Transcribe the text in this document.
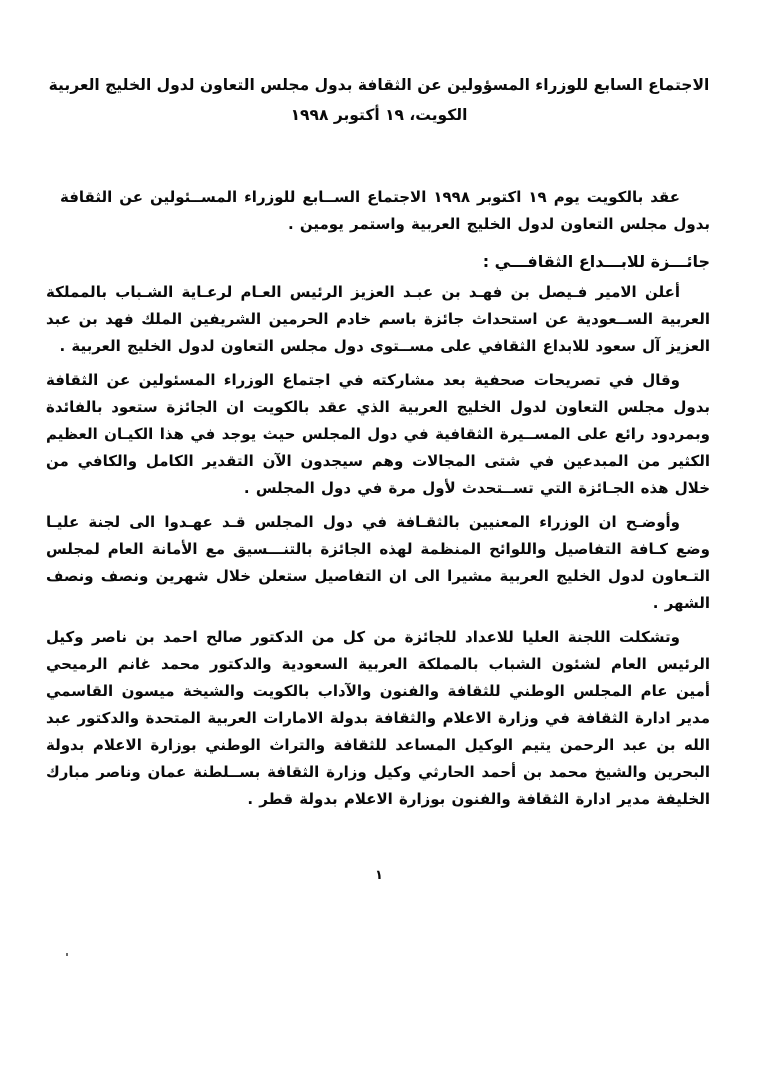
الاجتماع السابع للوزراء المسؤولين عن الثقافة بدول مجلس التعاون لدول الخليج العربية
الكويت، ١٩ أكتوبر ١٩٩٨

عقد بالكويت يوم ١٩ اكتوبر ١٩٩٨ الاجتماع الســابع للوزراء المســئولين عن الثقافة بدول مجلس التعاون لدول الخليج العربية واستمر يومين .

جائـــزة للابـــداع الثقافـــي :

أعلن الامير فـيصل بن فهـد بن عبـد العزيز الرئيس العـام لرعـاية الشـباب بالمملكة العربية الســعودية عن استحداث جائزة باسم خادم الحرمين الشريفين الملك فهد بن عبد العزيز آل سعود للابداع الثقافي على مســتوى دول مجلس التعاون لدول الخليج العربية .

وقال في تصريحات صحفية بعد مشاركته في اجتماع الوزراء المسئولين عن الثقافة بدول مجلس التعاون لدول الخليج العربية الذي عقد بالكويت ان الجائزة ستعود بالفائدة وبمردود رائع على المســيرة الثقافية في دول المجلس حيث يوجد في هذا الكيـان العظيم الكثير من المبدعين في شتى المجالات وهم سيجدون الآن التقدير الكامل والكافي من خلال هذه الجـائزة التي تســتحدث لأول مرة في دول المجلس .

وأوضـح ان الوزراء المعنيين بالثقـافة في دول المجلس قـد عهـدوا الى لجنة عليـا وضع كـافة التفاصيل واللوائح المنظمة لهذه الجائزة بالتنـــسيق مع الأمانة العام لمجلس التـعاون لدول الخليج العربية مشيرا الى ان التفاصيل ستعلن خلال شهرين ونصف ونصف الشهر .

وتشكلت اللجنة العليا للاعداد للجائزة من كل من الدكتور صالح احمد بن ناصر وكيل الرئيس العام لشئون الشباب بالمملكة العربية السعودية والدكتور محمد غانم الرميحي أمين عام المجلس الوطني للثقافة والفنون والآداب بالكويت والشيخة ميسون القاسمي مدير ادارة الثقافة في وزارة الاعلام والثقافة بدولة الامارات العربية المتحدة والدكتور عبد الله بن عبد الرحمن يتيم الوكيل المساعد للثقافة والتراث الوطني بوزارة الاعلام بدولة البحرين والشيخ محمد بن أحمد الحارثي وكيل وزارة الثقافة بســلطنة عمان وناصر مبارك الخليفة مدير ادارة الثقافة والفنون بوزارة الاعلام بدولة قطر .

١
